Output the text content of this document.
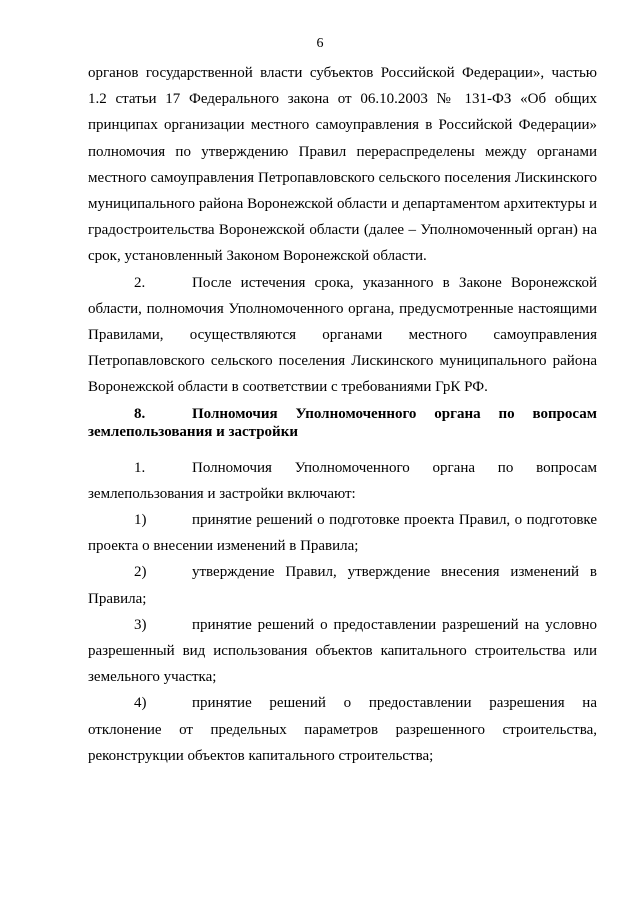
6

органов государственной власти субъектов Российской Федерации», частью 1.2 статьи 17 Федерального закона от 06.10.2003 № 131-ФЗ «Об общих принципах организации местного самоуправления в Российской Федерации» полномочия по утверждению Правил перераспределены между органами местного самоуправления Петропавловского сельского поселения Лискинского муниципального района Воронежской области и департаментом архитектуры и градостроительства Воронежской области (далее – Уполномоченный орган) на срок, установленный Законом Воронежской области.

2.	После истечения срока, указанного в Законе Воронежской области, полномочия Уполномоченного органа, предусмотренные настоящими Правилами, осуществляются органами местного самоуправления Петропавловского сельского поселения Лискинского муниципального района Воронежской области в соответствии с требованиями ГрК РФ.

8.	Полномочия Уполномоченного органа по вопросам землепользования и застройки

1.	Полномочия Уполномоченного органа по вопросам землепользования и застройки включают:

1)	принятие решений о подготовке проекта Правил, о подготовке проекта о внесении изменений в Правила;

2)	утверждение Правил, утверждение внесения изменений в Правила;

3)	принятие решений о предоставлении разрешений на условно разрешенный вид использования объектов капитального строительства или земельного участка;

4)	принятие решений о предоставлении разрешения на отклонение от предельных параметров разрешенного строительства, реконструкции объектов капитального строительства;
